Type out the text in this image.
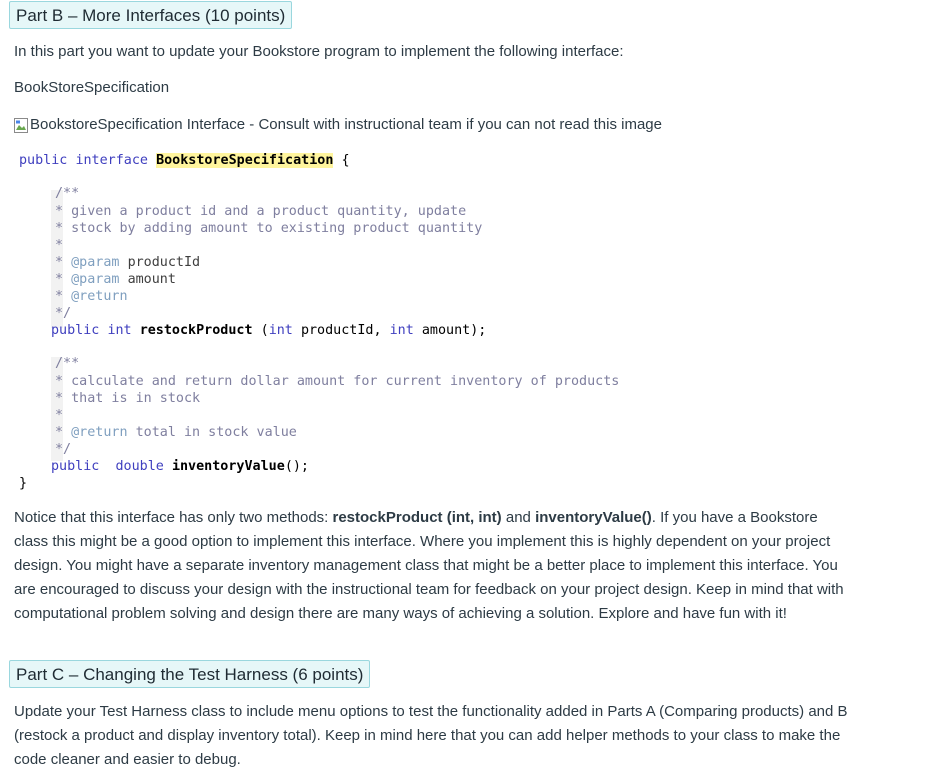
Part B – More Interfaces (10 points)

In this part you want to update your Bookstore program to implement the following interface:

BookStoreSpecification

BookstoreSpecification Interface - Consult with instructional team if you can not read this image
public interface BookstoreSpecification {
/**
* given a product id and a product quantity, update
* stock by adding amount to existing product quantity
*
* @param productId
* @param amount
* @return
*/
public int restockProduct (int productId, int amount);
/**
* calculate and return dollar amount for current inventory of products
* that is in stock
*
* @return total in stock value
*/
public double inventoryValue();
}

Notice that this interface has only two methods: restockProduct (int, int) and inventoryValue(). If you have a Bookstore class this might be a good option to implement this interface. Where you implement this is highly dependent on your project design. You might have a separate inventory management class that might be a better place to implement this interface. You are encouraged to discuss your design with the instructional team for feedback on your project design. Keep in mind that with computational problem solving and design there are many ways of achieving a solution. Explore and have fun with it!

Part C – Changing the Test Harness (6 points)

Update your Test Harness class to include menu options to test the functionality added in Parts A (Comparing products) and B (restock a product and display inventory total). Keep in mind here that you can add helper methods to your class to make the code cleaner and easier to debug.
